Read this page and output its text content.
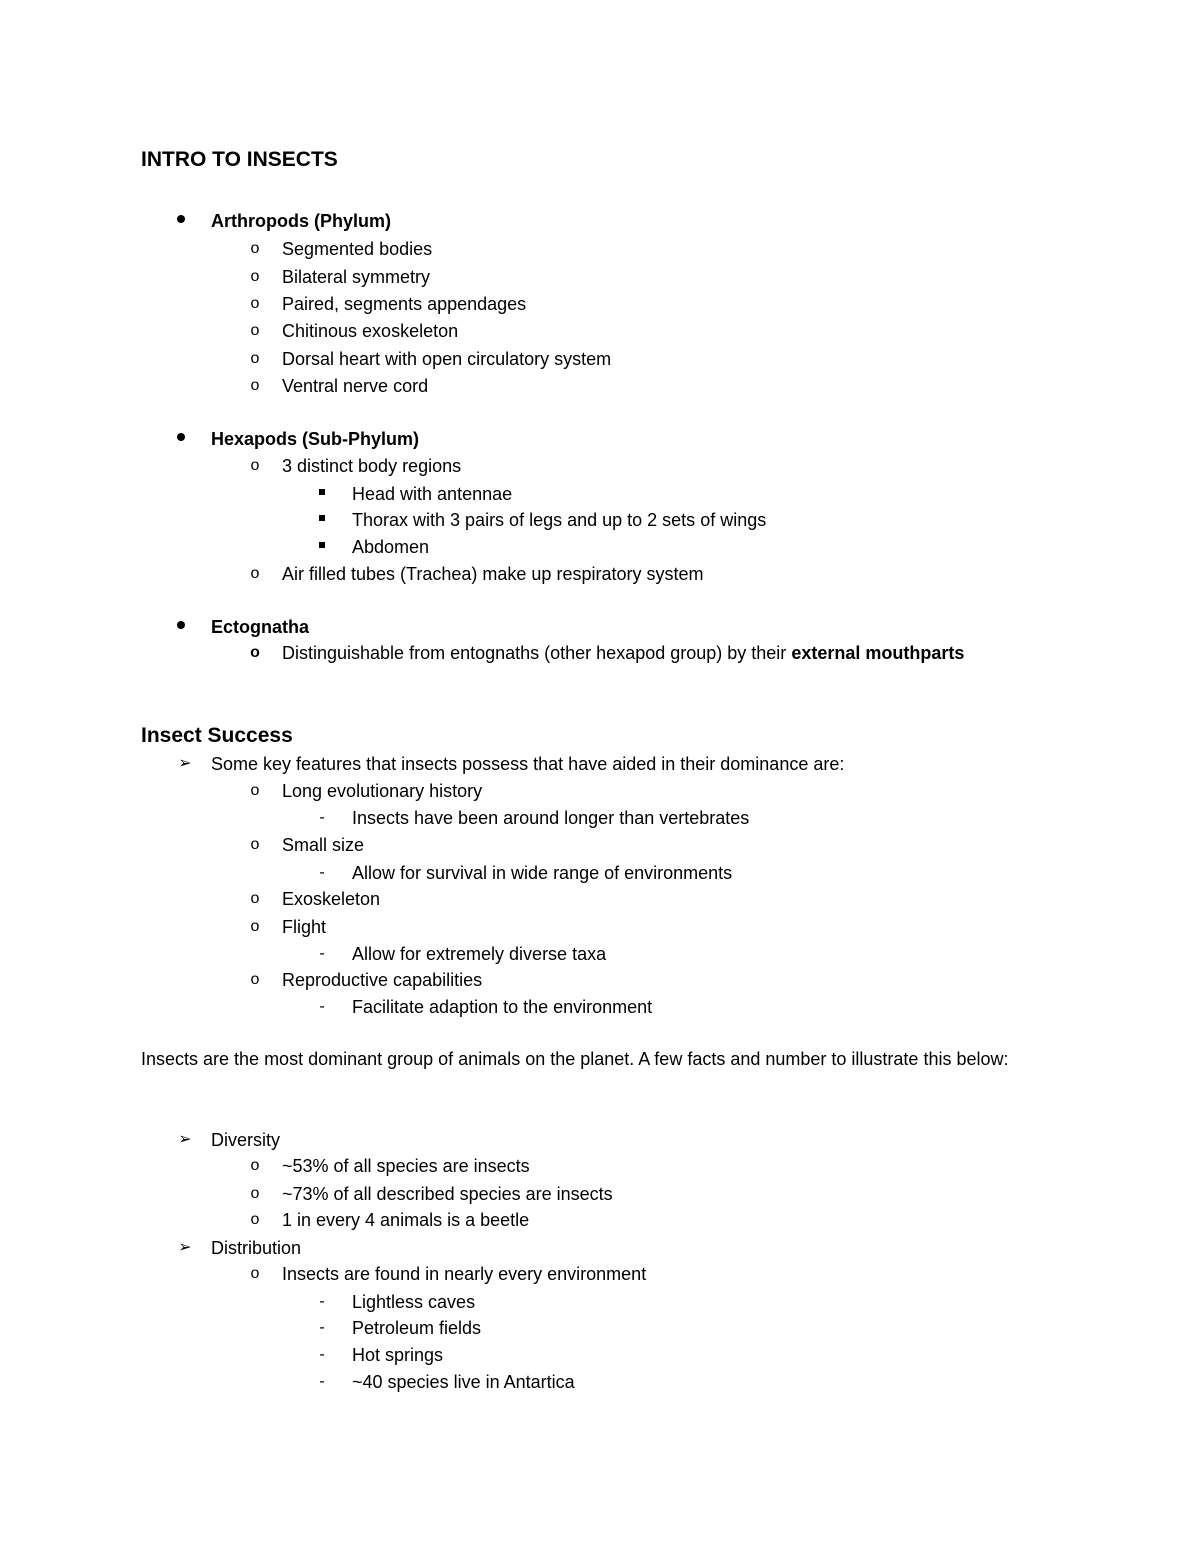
INTRO TO INSECTS
Arthropods (Phylum)
o	Segmented bodies
o	Bilateral symmetry
o	Paired, segments appendages
o	Chitinous exoskeleton
o	Dorsal heart with open circulatory system
o	Ventral nerve cord
Hexapods (Sub-Phylum)
o	3 distinct body regions
Head with antennae
Thorax with 3 pairs of legs and up to 2 sets of wings
Abdomen
o	Air filled tubes (Trachea) make up respiratory system
Ectognatha
o Distinguishable from entognaths (other hexapod group) by their external mouthparts
Insect Success
➢ Some key features that insects possess that have aided in their dominance are:
o	Long evolutionary history
-	Insects have been around longer than vertebrates
o	Small size
-	Allow for survival in wide range of environments
o	Exoskeleton
o	Flight
-	Allow for extremely diverse taxa
o	Reproductive capabilities
-	Facilitate adaption to the environment
Insects are the most dominant group of animals on the planet. A few facts and number to illustrate this below:
➢ Diversity
o	~53% of all species are insects
o	~73% of all described species are insects
o	1 in every 4 animals is a beetle
➢ Distribution
o	Insects are found in nearly every environment
-	Lightless caves
-	Petroleum fields
-	Hot springs
-	~40 species live in Antartica
